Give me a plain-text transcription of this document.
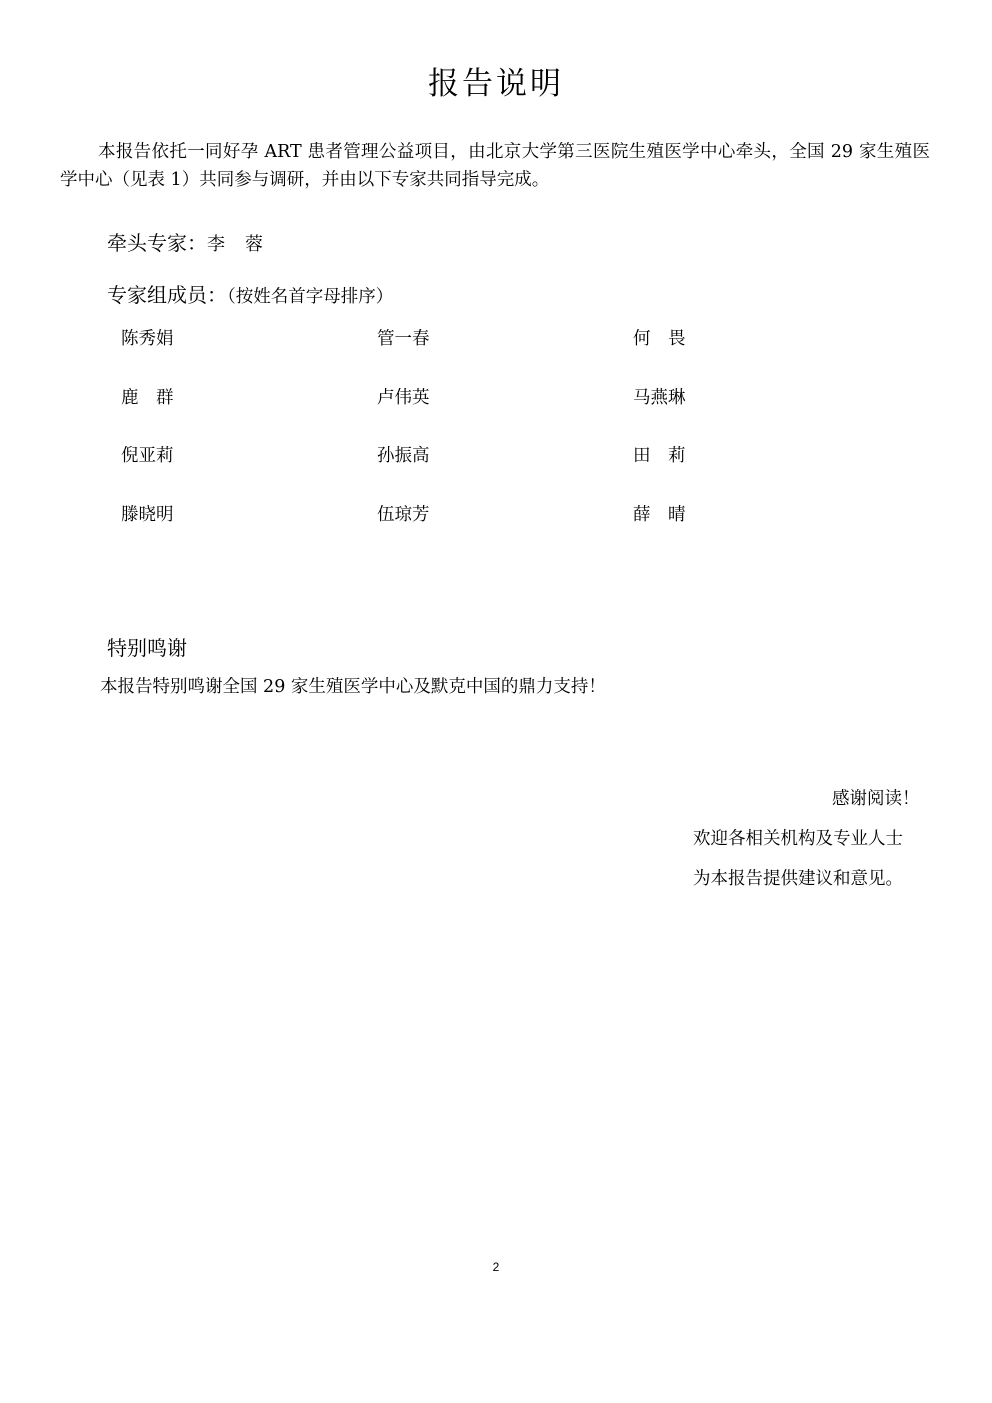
报告说明

本报告依托一同好孕 ART 患者管理公益项目，由北京大学第三医院生殖医学中心牵头，全国 29 家生殖医学中心（见表 1）共同参与调研，并由以下专家共同指导完成。

牵头专家：李　蓉
专家组成员：（按姓名首字母排序）
陈秀娟	管一春	何　畏
鹿　群	卢伟英	马燕琳
倪亚莉	孙振高	田　莉
滕晓明	伍琼芳	薛　晴
特别鸣谢
本报告特别鸣谢全国 29 家生殖医学中心及默克中国的鼎力支持！
感谢阅读！
欢迎各相关机构及专业人士
为本报告提供建议和意见。
2
